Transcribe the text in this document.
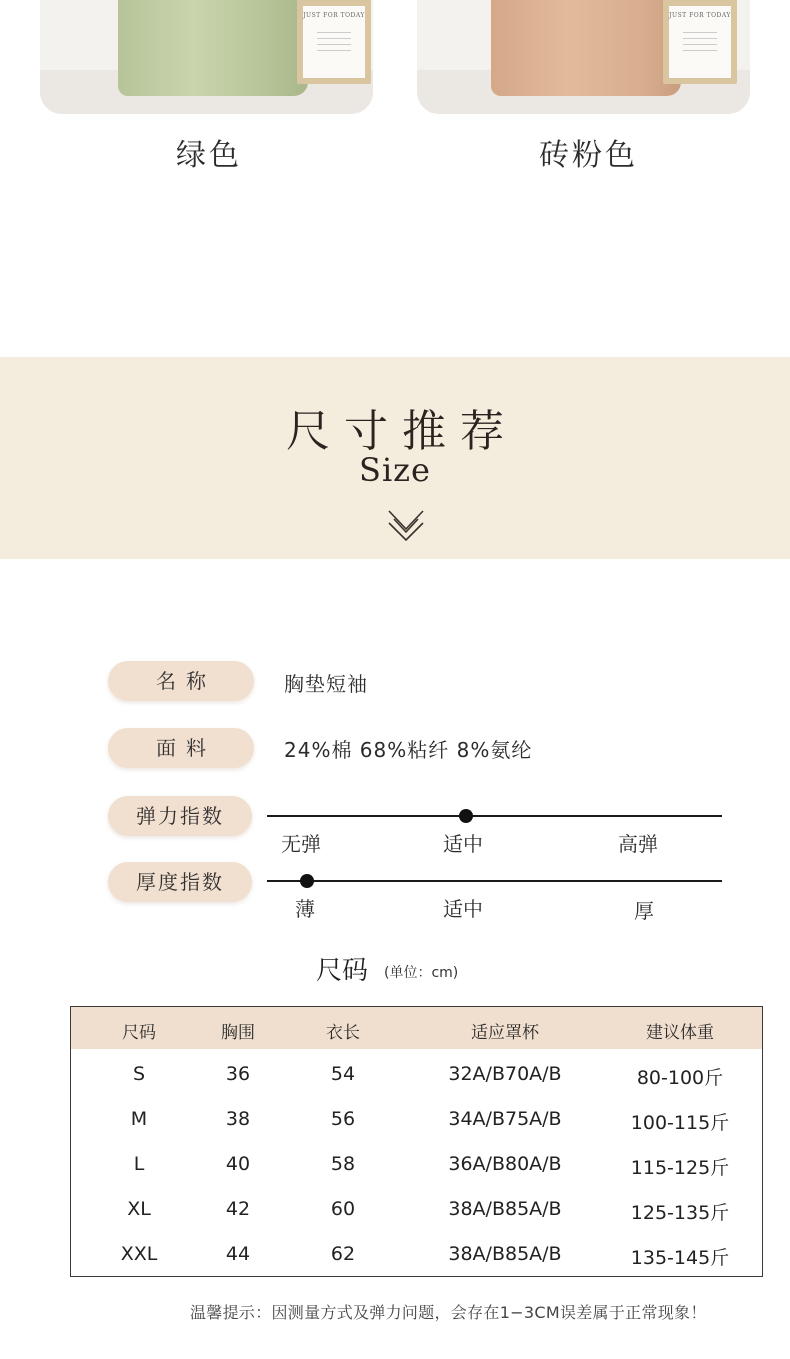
JUST FOR TODAY	JUST FOR TODAY
绿色	砖粉色
尺寸推荐
Size
名称	胸垫短袖
面料	24%棉 68%粘纤 8%氨纶
弹力指数
无弹	适中	高弹
厚度指数
薄	适中	厚
尺码 (单位：cm)
尺码	胸围	衣长	适应罩杯	建议体重
S	36	54	32A/B70A/B	80-100斤
M	38	56	34A/B75A/B	100-115斤
L	40	58	36A/B80A/B	115-125斤
XL	42	60	38A/B85A/B	125-135斤
XXL	44	62	38A/B85A/B	135-145斤
温馨提示：因测量方式及弹力问题，会存在1−3CM误差属于正常现象！
